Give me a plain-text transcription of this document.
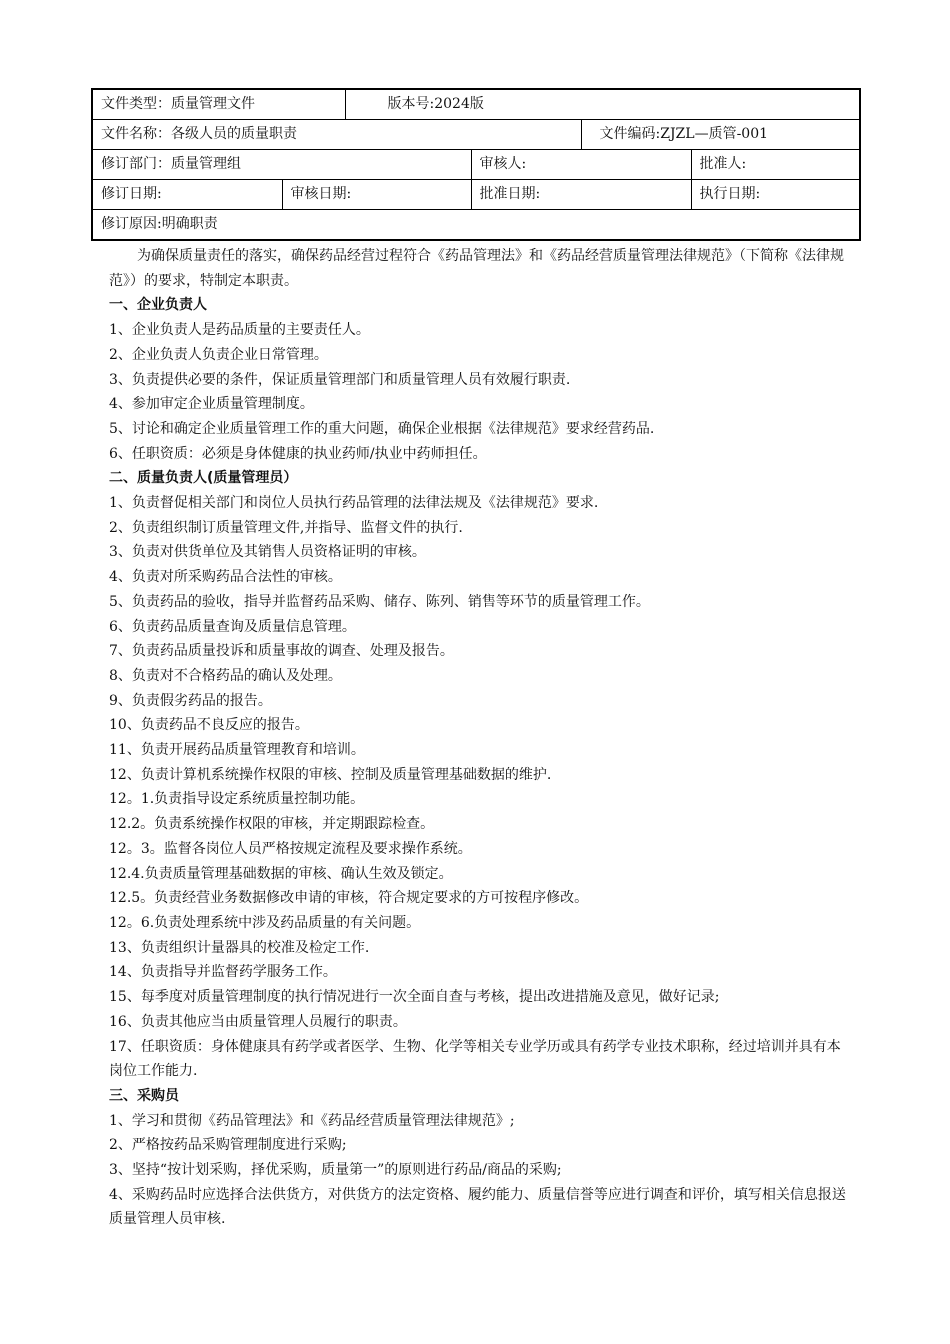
文件类型：质量管理文件		版本号:2024版			
文件名称：各级人员的质量职责				文件编码:ZJZL—质管-001	
修订部门：质量管理组			审核人:		批准人:
修订日期:	审核日期:		批准日期:		执行日期:
修订原因:明确职责					

为确保质量责任的落实，确保药品经营过程符合《药品管理法》和《药品经营质量管理法律规范》（下简称《法律规范》）的要求，特制定本职责。

一、企业负责人

1、企业负责人是药品质量的主要责任人。

2、企业负责人负责企业日常管理。

3、负责提供必要的条件，保证质量管理部门和质量管理人员有效履行职责.

4、参加审定企业质量管理制度。

5、讨论和确定企业质量管理工作的重大问题，确保企业根据《法律规范》要求经营药品.

6、任职资质：必须是身体健康的执业药师/执业中药师担任。

二、质量负责人(质量管理员）

1、负责督促相关部门和岗位人员执行药品管理的法律法规及《法律规范》要求.

2、负责组织制订质量管理文件,并指导、监督文件的执行.

3、负责对供货单位及其销售人员资格证明的审核。

4、负责对所采购药品合法性的审核。

5、负责药品的验收，指导并监督药品采购、储存、陈列、销售等环节的质量管理工作。

6、负责药品质量查询及质量信息管理。

7、负责药品质量投诉和质量事故的调查、处理及报告。

8、负责对不合格药品的确认及处理。

9、负责假劣药品的报告。

10、负责药品不良反应的报告。

11、负责开展药品质量管理教育和培训。

12、负责计算机系统操作权限的审核、控制及质量管理基础数据的维护.

12。1.负责指导设定系统质量控制功能。

12.2。负责系统操作权限的审核，并定期跟踪检查。

12。3。监督各岗位人员严格按规定流程及要求操作系统。

12.4.负责质量管理基础数据的审核、确认生效及锁定。

12.5。负责经营业务数据修改申请的审核，符合规定要求的方可按程序修改。

12。6.负责处理系统中涉及药品质量的有关问题。

13、负责组织计量器具的校准及检定工作.

14、负责指导并监督药学服务工作。

15、每季度对质量管理制度的执行情况进行一次全面自查与考核，提出改进措施及意见，做好记录;

16、负责其他应当由质量管理人员履行的职责。

17、任职资质：身体健康具有药学或者医学、生物、化学等相关专业学历或具有药学专业技术职称，经过培训并具有本岗位工作能力.

三、采购员

1、学习和贯彻《药品管理法》和《药品经营质量管理法律规范》;

2、严格按药品采购管理制度进行采购;

3、坚持“按计划采购，择优采购，质量第一”的原则进行药品/商品的采购;

4、采购药品时应选择合法供货方，对供货方的法定资格、履约能力、质量信誉等应进行调查和评价，填写相关信息报送质量管理人员审核.
